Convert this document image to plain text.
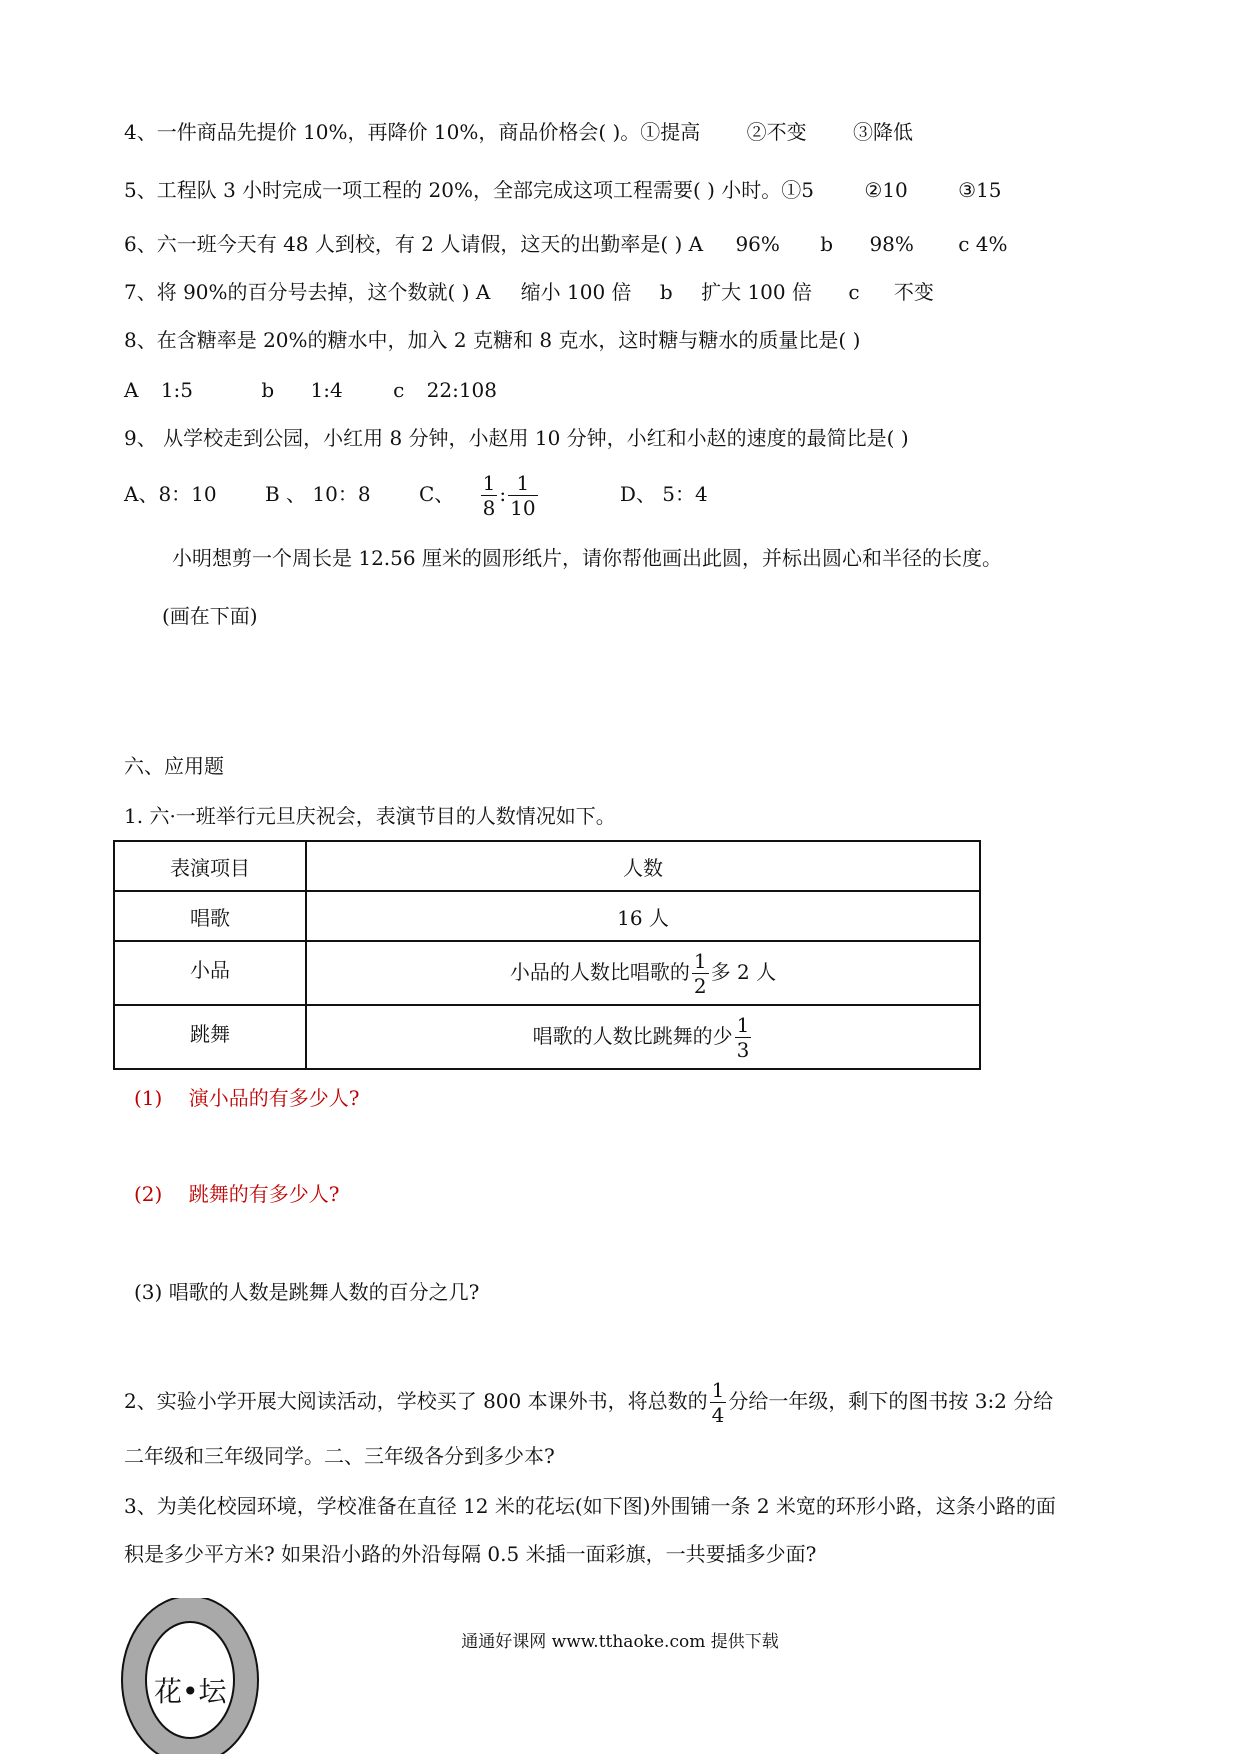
4、一件商品先提价 10%，再降价 10%，商品价格会( )。①提高 ②不变 ③降低
5、工程队 3 小时完成一项工程的 20%，全部完成这项工程需要( ) 小时。①5	②10	③15
6、六一班今天有 48 人到校，有 2 人请假，这天的出勤率是( ) A 96% b 98% c 4%
7、将 90%的百分号去掉，这个数就( ) A 缩小 100 倍 b 扩大 100 倍 c 不变
8、在含糖率是 20%的糖水中，加入 2 克糖和 8 克水，这时糖与糖水的质量比是( )
A 1:5	b 1:4	c 22:108
9、 从学校走到公园，小红用 8 分钟，小赵用 10 分钟，小红和小赵的速度的最简比是( )
A、8：10 B 、 10：8 C、 $\frac{1}{8}$ : $\frac{1}{10}$	D、 5：4
小明想剪一个周长是 12.56 厘米的圆形纸片，请你帮他画出此圆，并标出圆心和半径的长度。
(画在下面)
六、应用题
1. 六·一班举行元旦庆祝会，表演节目的人数情况如下。
表演项目	人数
唱歌	16 人
小品	小品的人数比唱歌的 $\frac{1}{2}$ 多 2 人
跳舞	唱歌的人数比跳舞的少 $\frac{1}{3}$
(1) 演小品的有多少人?
(2) 跳舞的有多少人?
(3) 唱歌的人数是跳舞人数的百分之几?
2、实验小学开展大阅读活动，学校买了 800 本课外书，将总数的 $\frac{1}{4}$ 分给一年级，剩下的图书按 3:2 分给
二年级和三年级同学。二、三年级各分到多少本?
3、为美化校园环境，学校准备在直径 12 米的花坛(如下图)外围铺一条 2 米宽的环形小路，这条小路的面
积是多少平方米? 如果沿小路的外沿每隔 0.5 米插一面彩旗，一共要插多少面?
花•坛
通通好课网 www.tthaoke.com 提供下载
